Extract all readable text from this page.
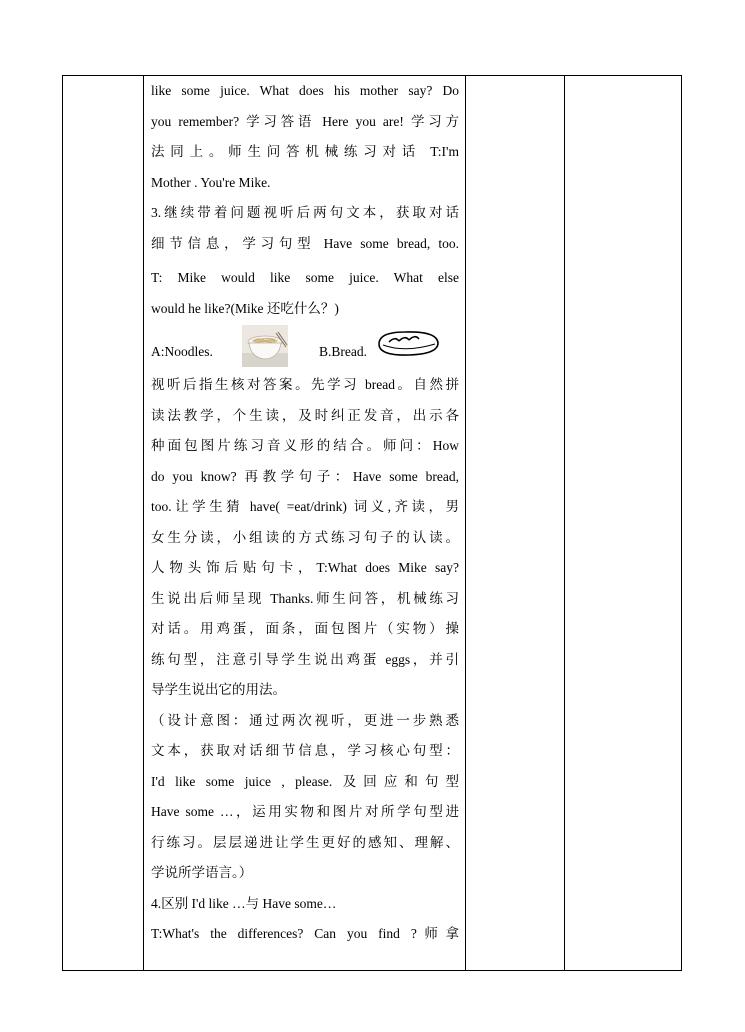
like some juice. What does his mother say? Do
you remember? 学习答语 Here you are! 学习方
法同上。师生问答机械练习对话 T:I'm
Mother . You're Mike.
3.继续带着问题视听后两句文本，获取对话
细节信息，学习句型 Have some bread, too.
T: Mike would like some juice. What else
would he like?(Mike 还吃什么？)
A:Noodles.	B.Bread.
视听后指生核对答案。先学习 bread。自然拼
读法教学，个生读，及时纠正发音，出示各
种面包图片练习音义形的结合。师问：How
do you know? 再教学句子：Have some bread,
too.让学生猜 have( =eat/drink) 词义,齐读，男
女生分读，小组读的方式练习句子的认读。
人物头饰后贴句卡，T:What does Mike say?
生说出后师呈现 Thanks.师生问答，机械练习
对话。用鸡蛋，面条，面包图片（实物）操
练句型，注意引导学生说出鸡蛋 eggs，并引
导学生说出它的用法。
（设计意图：通过两次视听，更进一步熟悉
文本，获取对话细节信息，学习核心句型：
I'd like some juice , please. 及回应和句型
Have some …，运用实物和图片对所学句型进
行练习。层层递进让学生更好的感知、理解、
学说所学语言。）
4.区别 I'd like …与 Have some…
T:What's the differences? Can you find ?师拿
